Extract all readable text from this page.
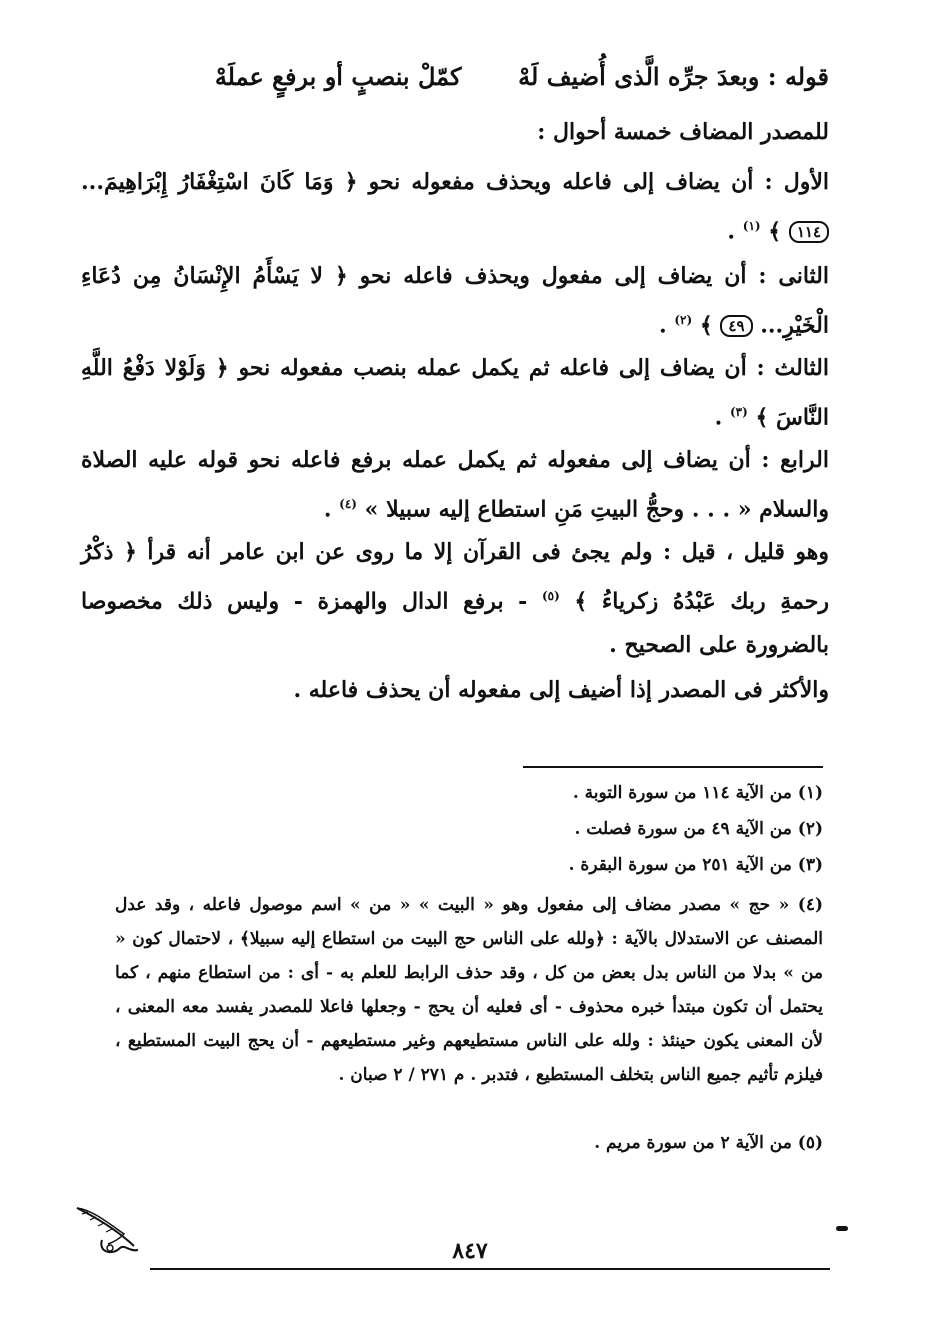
قوله : وبعدَ جرِّه الَّذى أُضيف لَهْ  كمّلْ بنصبٍ أو برفعٍ عملَهْ
للمصدر المضاف خمسة أحوال :
الأول : أن يضاف إلى فاعله ويحذف مفعوله نحو ﴿ وَمَا كَانَ اسْتِغْفَارُ إِبْرَاهِيمَ... ١١٤ ﴾ $^{(١)}$ .
الثانى : أن يضاف إلى مفعول ويحذف فاعله نحو ﴿ لا يَسْأَمُ الإِنْسَانُ مِن دُعَاءِ الْخَيْرِ... ٤٩ ﴾ $^{(٢)}$ .
الثالث : أن يضاف إلى فاعله ثم يكمل عمله بنصب مفعوله نحو ﴿ وَلَوْلا دَفْعُ اللَّهِ النَّاسَ ﴾ $^{(٣)}$ .
الرابع : أن يضاف إلى مفعوله ثم يكمل عمله برفع فاعله نحو قوله عليه الصلاة والسلام « . . . وحجُّ البيتِ مَنِ استطاع إليه سبيلا » $^{(٤)}$ .
وهو قليل ، قيل : ولم يجئ فى القرآن إلا ما روى عن ابن عامر أنه قرأ ﴿ ذكْرُ رحمةِ ربك عَبْدُهُ زكرياءُ ﴾ $^{(٥)}$ - برفع الدال والهمزة - وليس ذلك مخصوصا بالضرورة على الصحيح .
والأكثر فى المصدر إذا أضيف إلى مفعوله أن يحذف فاعله .
(١) من الآية ١١٤ من سورة التوبة .
(٢) من الآية ٤٩ من سورة فصلت .
(٣) من الآية ٢٥١ من سورة البقرة .
(٤) « حج » مصدر مضاف إلى مفعول وهو « البيت » « من » اسم موصول فاعله ، وقد عدل المصنف عن الاستدلال بالآية : ﴿ولله على الناس حج البيت من استطاع إليه سبيلا﴾ ، لاحتمال كون « من » بدلا من الناس بدل بعض من كل ، وقد حذف الرابط للعلم به - أى : من استطاع منهم ، كما يحتمل أن تكون مبتدأ خبره محذوف - أى فعليه أن يحج - وجعلها فاعلا للمصدر يفسد معه المعنى ، لأن المعنى يكون حينئذ : ولله على الناس مستطيعهم وغير مستطيعهم - أن يحج البيت المستطيع ، فيلزم تأثيم جميع الناس بتخلف المستطيع ، فتدبر . م ٢٧١ / ٢ صبان .
(٥) من الآية ٢ من سورة مريم .
٨٤٧
